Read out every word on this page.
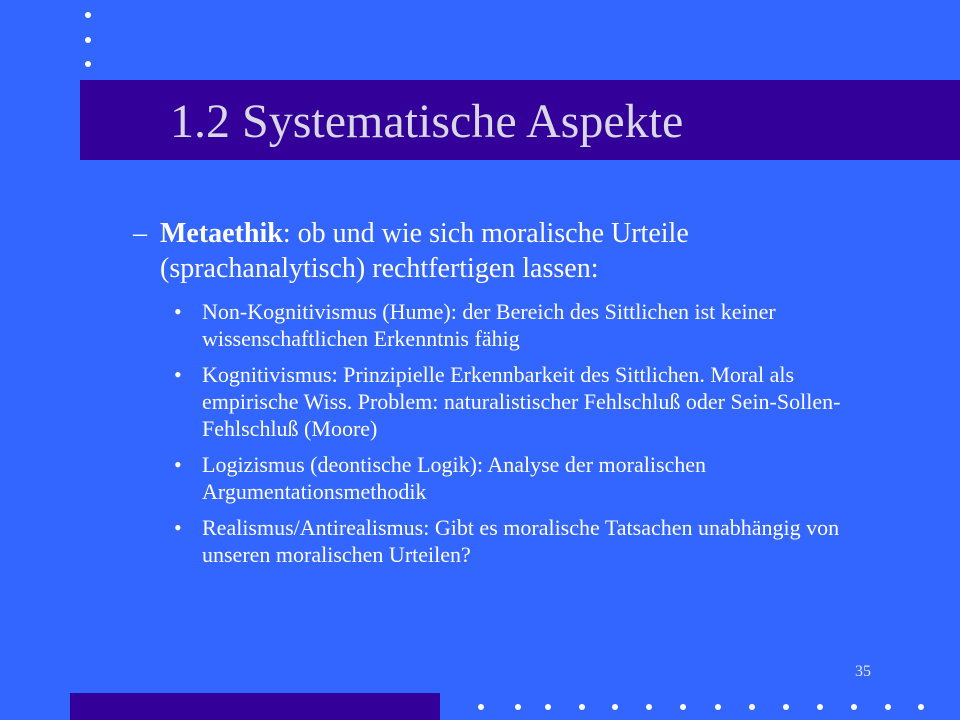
1.2 Systematische Aspekte
– Metaethik: ob und wie sich moralische Urteile (sprachanalytisch) rechtfertigen lassen:
• Non-Kognitivismus (Hume): der Bereich des Sittlichen ist keiner wissenschaftlichen Erkenntnis fähig
• Kognitivismus: Prinzipielle Erkennbarkeit des Sittlichen. Moral als empirische Wiss. Problem: naturalistischer Fehlschluß oder Sein-Sollen-Fehlschluß (Moore)
• Logizismus (deontische Logik): Analyse der moralischen Argumentationsmethodik
• Realismus/Antirealismus: Gibt es moralische Tatsachen unabhängig von unseren moralischen Urteilen?
35
